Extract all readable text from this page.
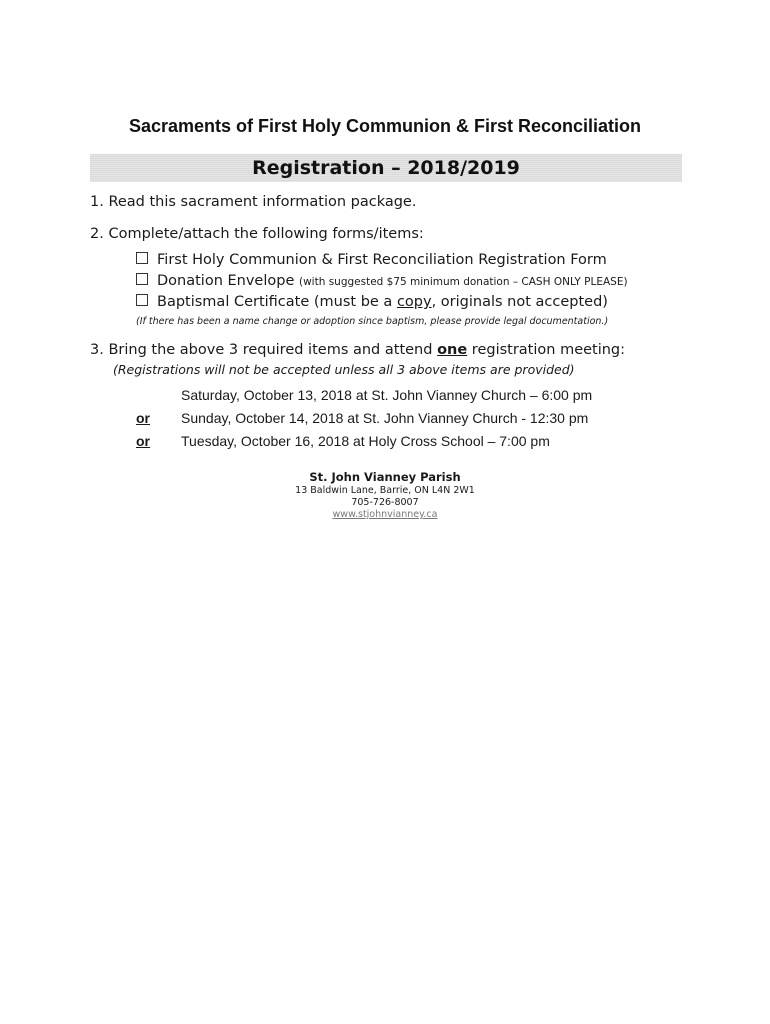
Sacraments of First Holy Communion & First Reconciliation
Registration – 2018/2019
1. Read this sacrament information package.
2. Complete/attach the following forms/items:
First Holy Communion & First Reconciliation Registration Form
Donation Envelope (with suggested $75 minimum donation – CASH ONLY PLEASE)
Baptismal Certificate (must be a copy, originals not accepted)
(If there has been a name change or adoption since baptism, please provide legal documentation.)
3. Bring the above 3 required items and attend one registration meeting:
(Registrations will not be accepted unless all 3 above items are provided)
Saturday, October 13, 2018 at St. John Vianney Church – 6:00 pm
or Sunday, October 14, 2018 at St. John Vianney Church - 12:30 pm
or Tuesday, October 16, 2018 at Holy Cross School – 7:00 pm
St. John Vianney Parish
13 Baldwin Lane, Barrie, ON L4N 2W1
705-726-8007
www.stjohnvianney.ca
